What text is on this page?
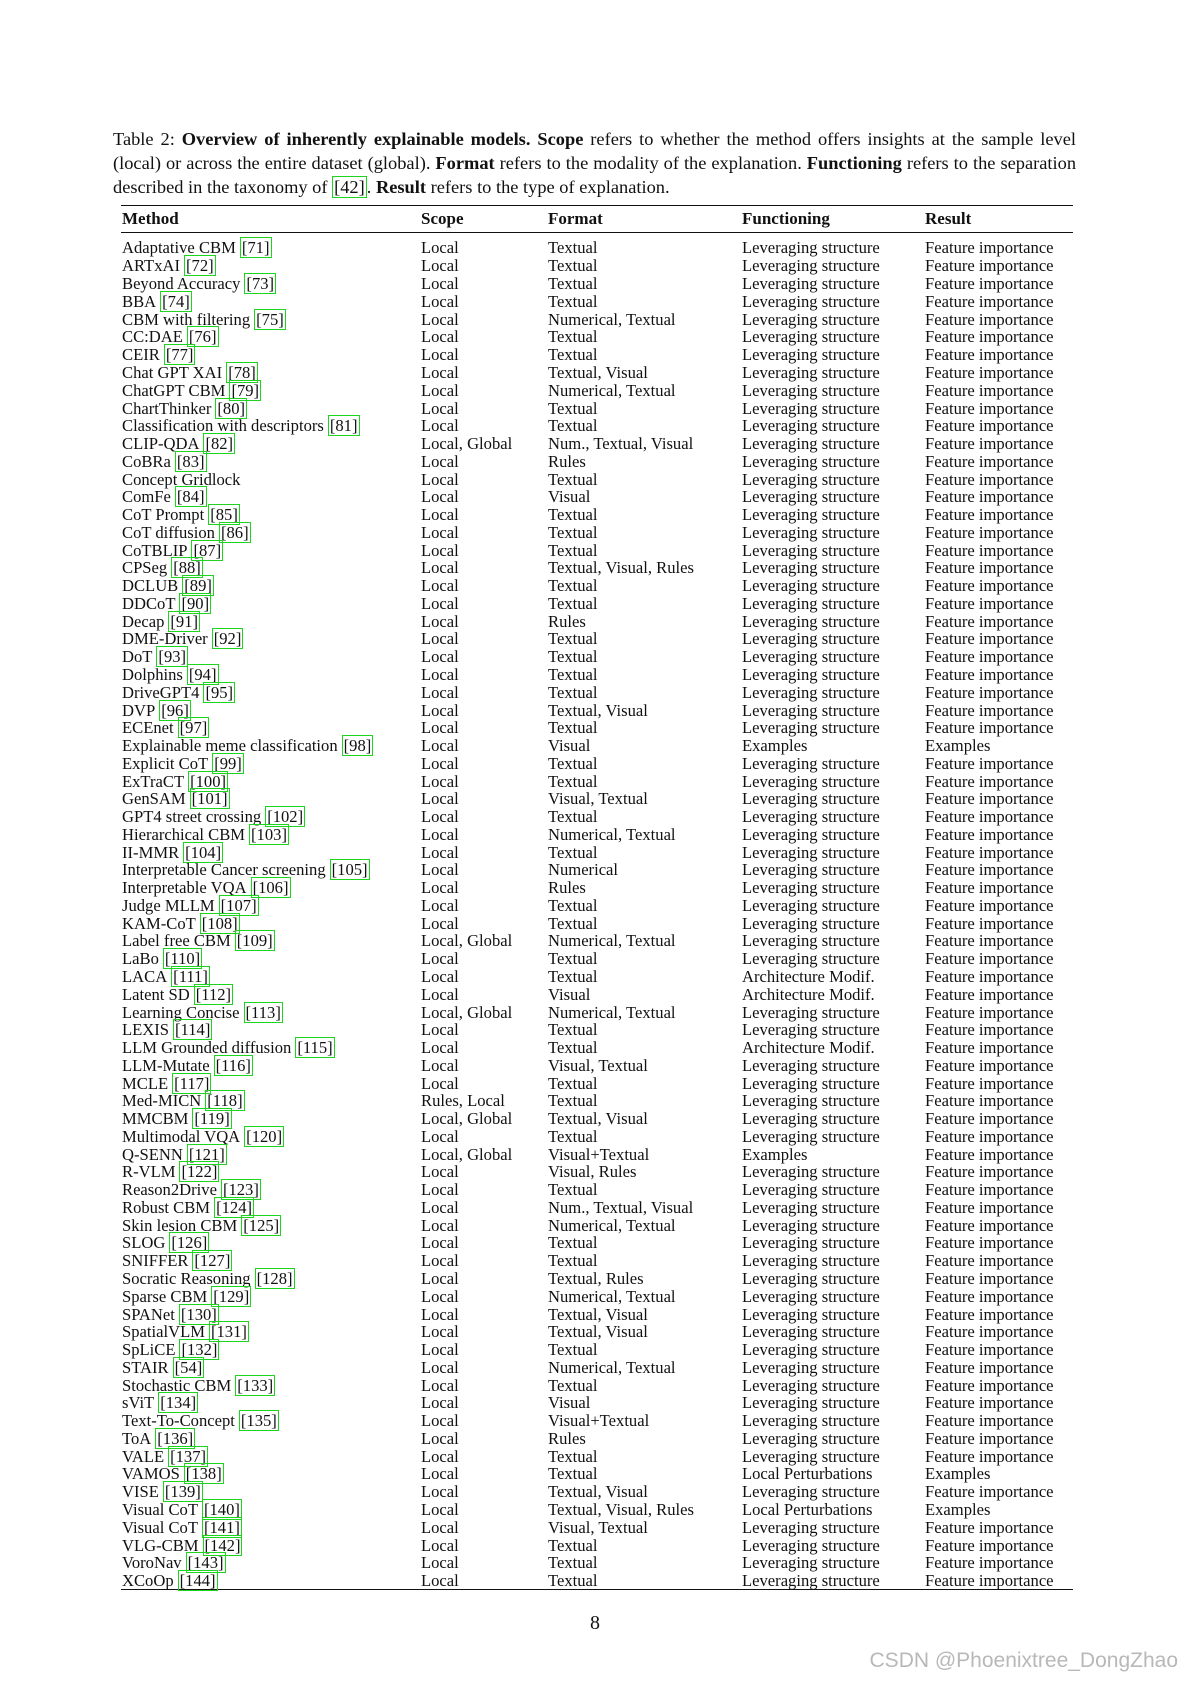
Table 2: Overview of inherently explainable models. Scope refers to whether the method offers insights at the sample level (local) or across the entire dataset (global). Format refers to the modality of the explanation. Functioning refers to the separation described in the taxonomy of [42] . Result refers to the type of explanation.
Method	Scope	Format	Functioning	Result
Adaptative CBM [71]	Local	Textual	Leveraging structure	Feature importance
ARTxAI [72]	Local	Textual	Leveraging structure	Feature importance
Beyond Accuracy [73]	Local	Textual	Leveraging structure	Feature importance
BBA [74]	Local	Textual	Leveraging structure	Feature importance
CBM with filtering [75]	Local	Numerical, Textual	Leveraging structure	Feature importance
CC:DAE [76]	Local	Textual	Leveraging structure	Feature importance
CEIR [77]	Local	Textual	Leveraging structure	Feature importance
Chat GPT XAI [78]	Local	Textual, Visual	Leveraging structure	Feature importance
ChatGPT CBM [79]	Local	Numerical, Textual	Leveraging structure	Feature importance
ChartThinker [80]	Local	Textual	Leveraging structure	Feature importance
Classification with descriptors [81]	Local	Textual	Leveraging structure	Feature importance
CLIP-QDA [82]	Local, Global	Num., Textual, Visual	Leveraging structure	Feature importance
CoBRa [83]	Local	Rules	Leveraging structure	Feature importance
Concept Gridlock	Local	Textual	Leveraging structure	Feature importance
ComFe [84]	Local	Visual	Leveraging structure	Feature importance
CoT Prompt [85]	Local	Textual	Leveraging structure	Feature importance
CoT diffusion [86]	Local	Textual	Leveraging structure	Feature importance
CoTBLIP [87]	Local	Textual	Leveraging structure	Feature importance
CPSeg [88]	Local	Textual, Visual, Rules	Leveraging structure	Feature importance
DCLUB [89]	Local	Textual	Leveraging structure	Feature importance
DDCoT [90]	Local	Textual	Leveraging structure	Feature importance
Decap [91]	Local	Rules	Leveraging structure	Feature importance
DME-Driver [92]	Local	Textual	Leveraging structure	Feature importance
DoT [93]	Local	Textual	Leveraging structure	Feature importance
Dolphins [94]	Local	Textual	Leveraging structure	Feature importance
DriveGPT4 [95]	Local	Textual	Leveraging structure	Feature importance
DVP [96]	Local	Textual, Visual	Leveraging structure	Feature importance
ECEnet [97]	Local	Textual	Leveraging structure	Feature importance
Explainable meme classification [98]	Local	Visual	Examples	Examples
Explicit CoT [99]	Local	Textual	Leveraging structure	Feature importance
ExTraCT [100]	Local	Textual	Leveraging structure	Feature importance
GenSAM [101]	Local	Visual, Textual	Leveraging structure	Feature importance
GPT4 street crossing [102]	Local	Textual	Leveraging structure	Feature importance
Hierarchical CBM [103]	Local	Numerical, Textual	Leveraging structure	Feature importance
II-MMR [104]	Local	Textual	Leveraging structure	Feature importance
Interpretable Cancer screening [105]	Local	Numerical	Leveraging structure	Feature importance
Interpretable VQA [106]	Local	Rules	Leveraging structure	Feature importance
Judge MLLM [107]	Local	Textual	Leveraging structure	Feature importance
KAM-CoT [108]	Local	Textual	Leveraging structure	Feature importance
Label free CBM [109]	Local, Global	Numerical, Textual	Leveraging structure	Feature importance
LaBo [110]	Local	Textual	Leveraging structure	Feature importance
LACA [111]	Local	Textual	Architecture Modif.	Feature importance
Latent SD [112]	Local	Visual	Architecture Modif.	Feature importance
Learning Concise [113]	Local, Global	Numerical, Textual	Leveraging structure	Feature importance
LEXIS [114]	Local	Textual	Leveraging structure	Feature importance
LLM Grounded diffusion [115]	Local	Textual	Architecture Modif.	Feature importance
LLM-Mutate [116]	Local	Visual, Textual	Leveraging structure	Feature importance
MCLE [117]	Local	Textual	Leveraging structure	Feature importance
Med-MICN [118]	Rules, Local	Textual	Leveraging structure	Feature importance
MMCBM [119]	Local, Global	Textual, Visual	Leveraging structure	Feature importance
Multimodal VQA [120]	Local	Textual	Leveraging structure	Feature importance
Q-SENN [121]	Local, Global	Visual+Textual	Examples	Feature importance
R-VLM [122]	Local	Visual, Rules	Leveraging structure	Feature importance
Reason2Drive [123]	Local	Textual	Leveraging structure	Feature importance
Robust CBM [124]	Local	Num., Textual, Visual	Leveraging structure	Feature importance
Skin lesion CBM [125]	Local	Numerical, Textual	Leveraging structure	Feature importance
SLOG [126]	Local	Textual	Leveraging structure	Feature importance
SNIFFER [127]	Local	Textual	Leveraging structure	Feature importance
Socratic Reasoning [128]	Local	Textual, Rules	Leveraging structure	Feature importance
Sparse CBM [129]	Local	Numerical, Textual	Leveraging structure	Feature importance
SPANet [130]	Local	Textual, Visual	Leveraging structure	Feature importance
SpatialVLM [131]	Local	Textual, Visual	Leveraging structure	Feature importance
SpLiCE [132]	Local	Textual	Leveraging structure	Feature importance
STAIR [54]	Local	Numerical, Textual	Leveraging structure	Feature importance
Stochastic CBM [133]	Local	Textual	Leveraging structure	Feature importance
sViT [134]	Local	Visual	Leveraging structure	Feature importance
Text-To-Concept [135]	Local	Visual+Textual	Leveraging structure	Feature importance
ToA [136]	Local	Rules	Leveraging structure	Feature importance
VALE [137]	Local	Textual	Leveraging structure	Feature importance
VAMOS [138]	Local	Textual	Local Perturbations	Examples
VISE [139]	Local	Textual, Visual	Leveraging structure	Feature importance
Visual CoT [140]	Local	Textual, Visual, Rules	Local Perturbations	Examples
Visual CoT [141]	Local	Visual, Textual	Leveraging structure	Feature importance
VLG-CBM [142]	Local	Textual	Leveraging structure	Feature importance
VoroNav [143]	Local	Textual	Leveraging structure	Feature importance
XCoOp [144]	Local	Textual	Leveraging structure	Feature importance
8
CSDN @Phoenixtree_DongZhao
